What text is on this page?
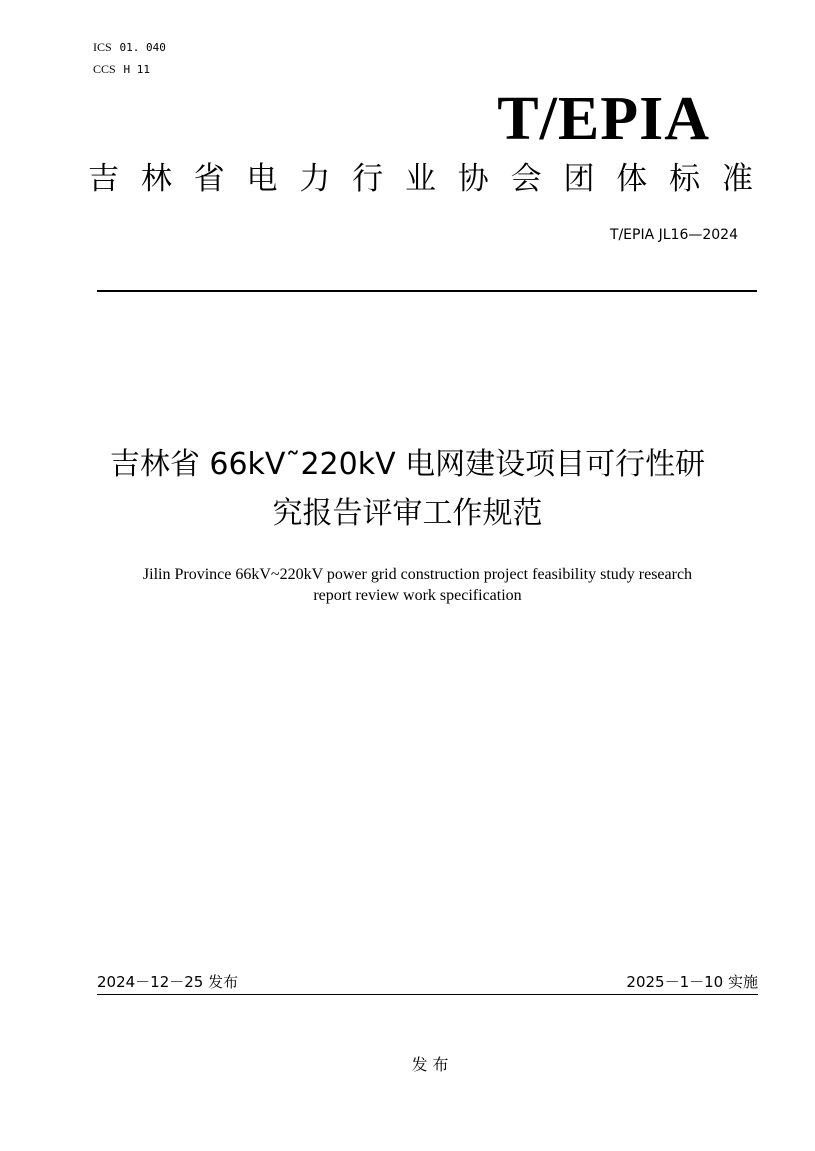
ICS 01. 040
CCS H 11
T/EPIA
吉 林 省 电 力 行 业 协 会 团 体 标 准
T/EPIA JL16—2024
吉林省 66kV˜220kV 电网建设项目可行性研
究报告评审工作规范
Jilin Province 66kV~220kV power grid construction project feasibility study research
report review work specification
2024－12－25 发布	2025－1－10 实施
发 布
